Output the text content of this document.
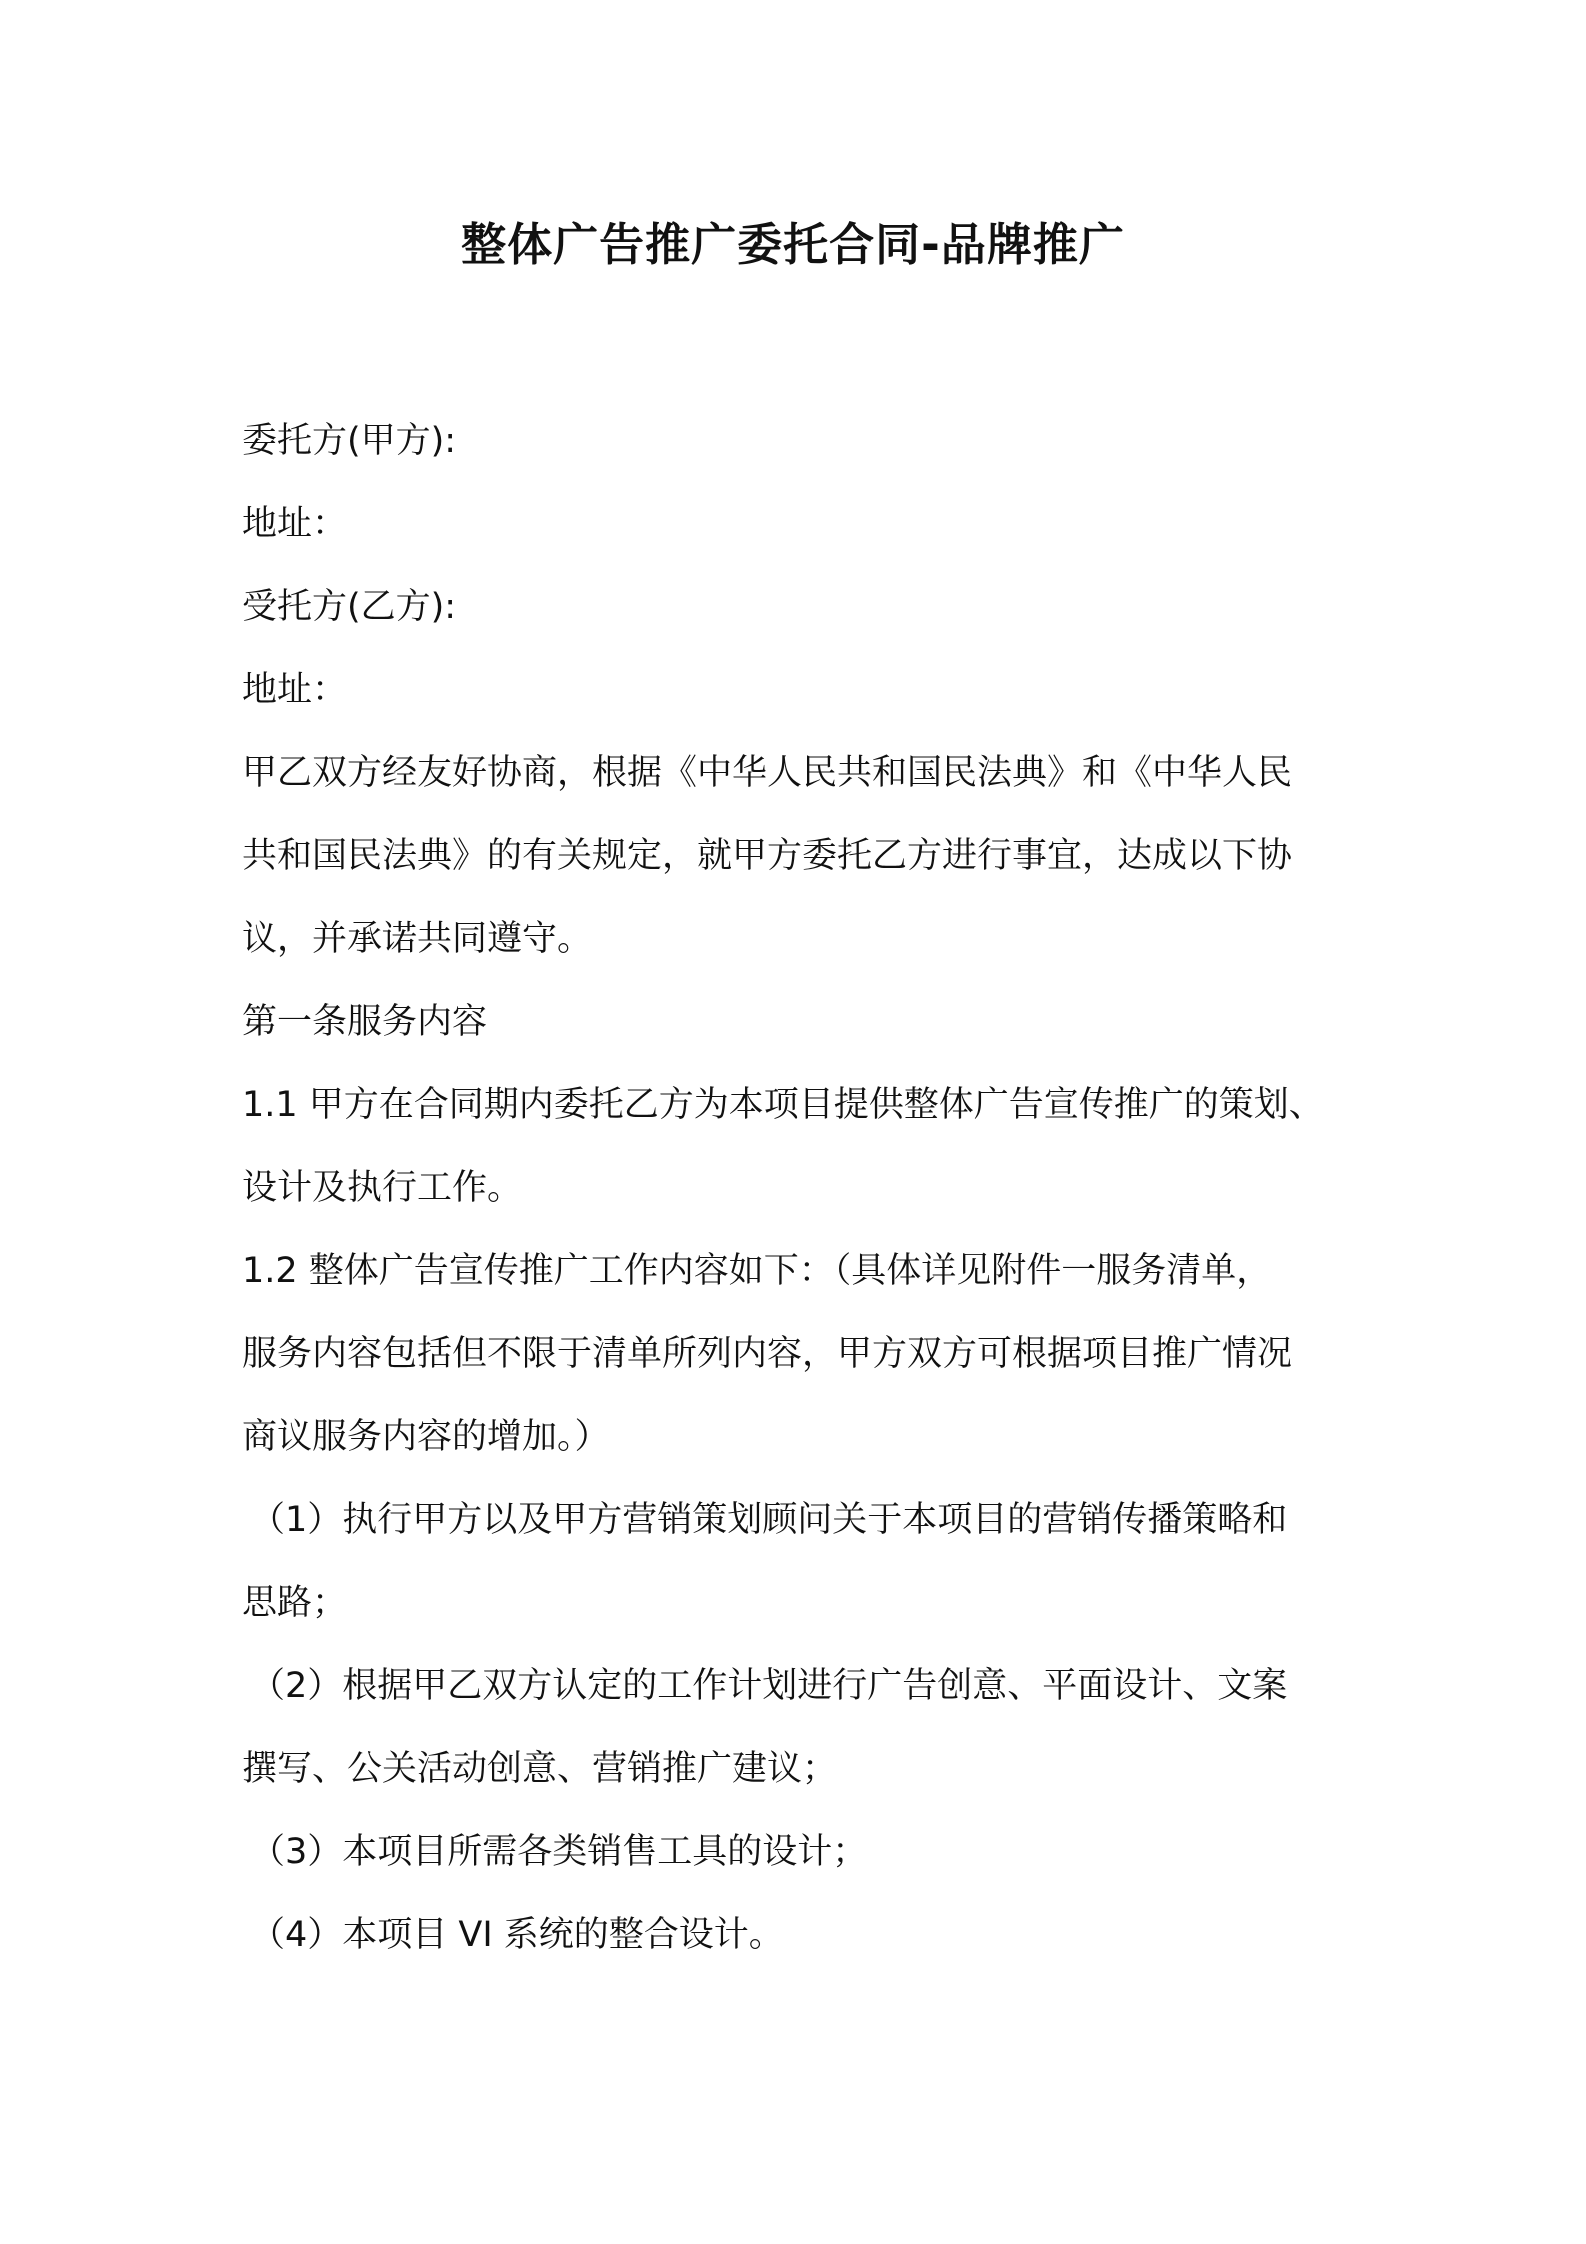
整体广告推广委托合同-品牌推广
委托方(甲方):
地址：
受托方(乙方):
地址：
甲乙双方经友好协商，根据《中华人民共和国民法典》和《中华人民
共和国民法典》的有关规定，就甲方委托乙方进行事宜，达成以下协
议，并承诺共同遵守。
第一条服务内容
1.1 甲方在合同期内委托乙方为本项目提供整体广告宣传推广的策划、
设计及执行工作。
1.2 整体广告宣传推广工作内容如下：（具体详见附件一服务清单，
服务内容包括但不限于清单所列内容，甲方双方可根据项目推广情况
商议服务内容的增加。）
（1）执行甲方以及甲方营销策划顾问关于本项目的营销传播策略和
思路；
（2）根据甲乙双方认定的工作计划进行广告创意、平面设计、文案
撰写、公关活动创意、营销推广建议；
（3）本项目所需各类销售工具的设计；
（4）本项目 VI 系统的整合设计。
